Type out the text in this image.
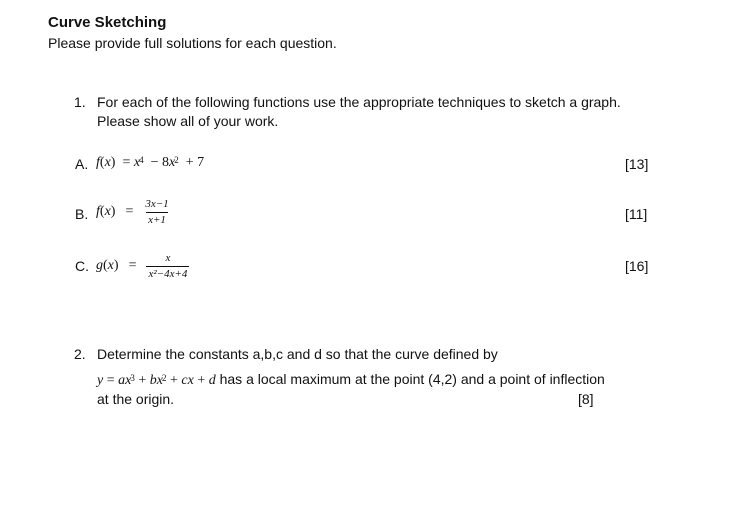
Curve Sketching
Please provide full solutions for each question.
1. For each of the following functions use the appropriate techniques to sketch a graph.
Please show all of your work.
A. $f(x) = x^4 - 8x^2 + 7$	[13]
B. $f(x) = \frac{3x-1}{x+1}$	[11]
C. $g(x) = \frac{x}{\text{x²−4x+4}}$	[16]
2. Determine the constants a,b,c and d so that the curve defined by
$y = ax^3 + bx^2$ + cx + d has a local maximum at the point (4,2) and a point of inflection
at the origin.	[8]
